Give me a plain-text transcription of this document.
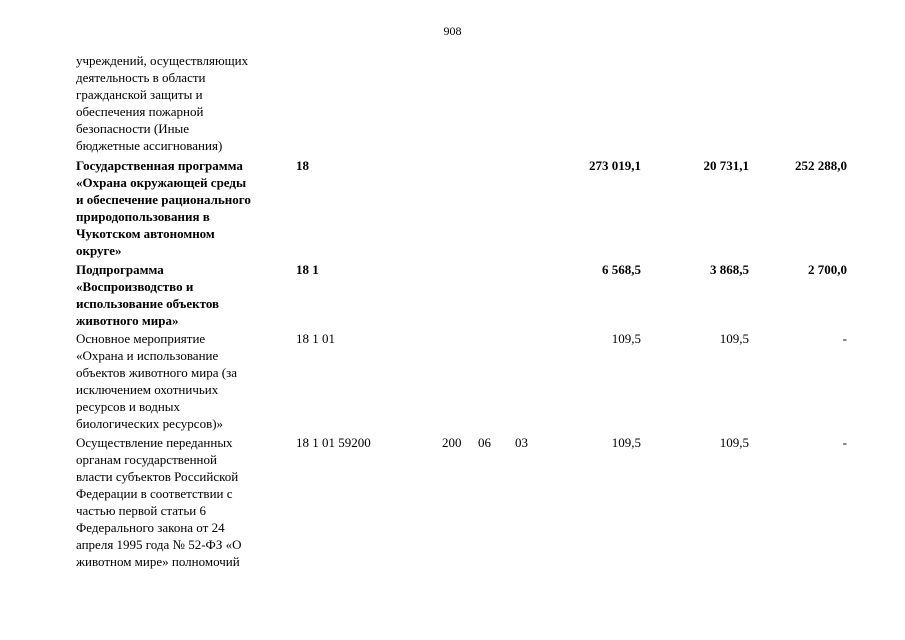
908
учреждений, осуществляющих
деятельность в области
гражданской защиты и
обеспечения пожарной
безопасности (Иные
бюджетные ассигнования)
Государственная программа
«Охрана окружающей среды
и обеспечение рационального
природопользования в
Чукотском автономном
округе»
18	273 019,1	20 731,1	252 288,0
Подпрограмма
«Воспроизводство и
использование объектов
животного мира»
18 1	6 568,5	3 868,5	2 700,0
Основное мероприятие
«Охрана и использование
объектов животного мира (за
исключением охотничьих
ресурсов и водных
биологических ресурсов)»
18 1 01	109,5	109,5	-
Осуществление переданных
органам государственной
власти субъектов Российской
Федерации в соответствии с
частью первой статьи 6
Федерального закона от 24
апреля 1995 года № 52-ФЗ «О
животном мире» полномочий
18 1 01 59200	200 06 03	109,5	109,5	-
